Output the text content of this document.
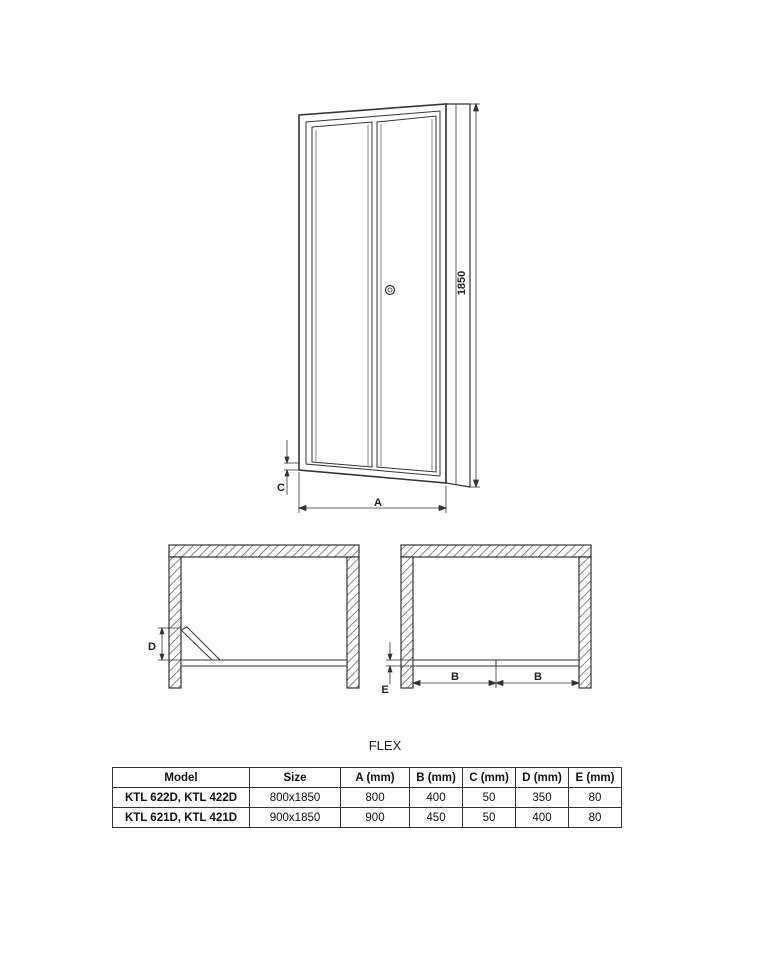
1850
A
C
D
E
B	B
FLEX
Model	Size	A (mm)	B (mm)	C (mm)	D (mm)	E (mm)
KTL 622D, KTL 422D	800x1850	800	400	50	350	80
KTL 621D, KTL 421D	900x1850	900	450	50	400	80
